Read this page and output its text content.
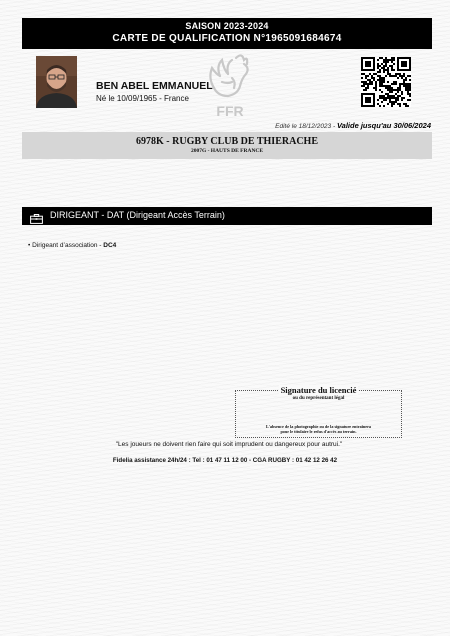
SAISON 2023-2024
CARTE DE QUALIFICATION N°1965091684674
BEN ABEL EMMANUEL
Né le 10/09/1965 - France
FFR
Edité le 18/12/2023 - Valide jusqu'au 30/06/2024
6978K - RUGBY CLUB DE THIERACHE
2007G - HAUTS DE FRANCE
DIRIGEANT - DAT (Dirigeant Accès Terrain)
• Dirigeant d’association - DC4
Signature du licencié
ou du représentant légal
L'absence de la photographie ou de la signature entraînera
pour le titulaire le refus d'accès au terrain.
"Les joueurs ne doivent rien faire qui soit imprudent ou dangereux pour autrui."
Fidelia assistance 24h/24 : Tel : 01 47 11 12 00 - CGA RUGBY : 01 42 12 26 42
